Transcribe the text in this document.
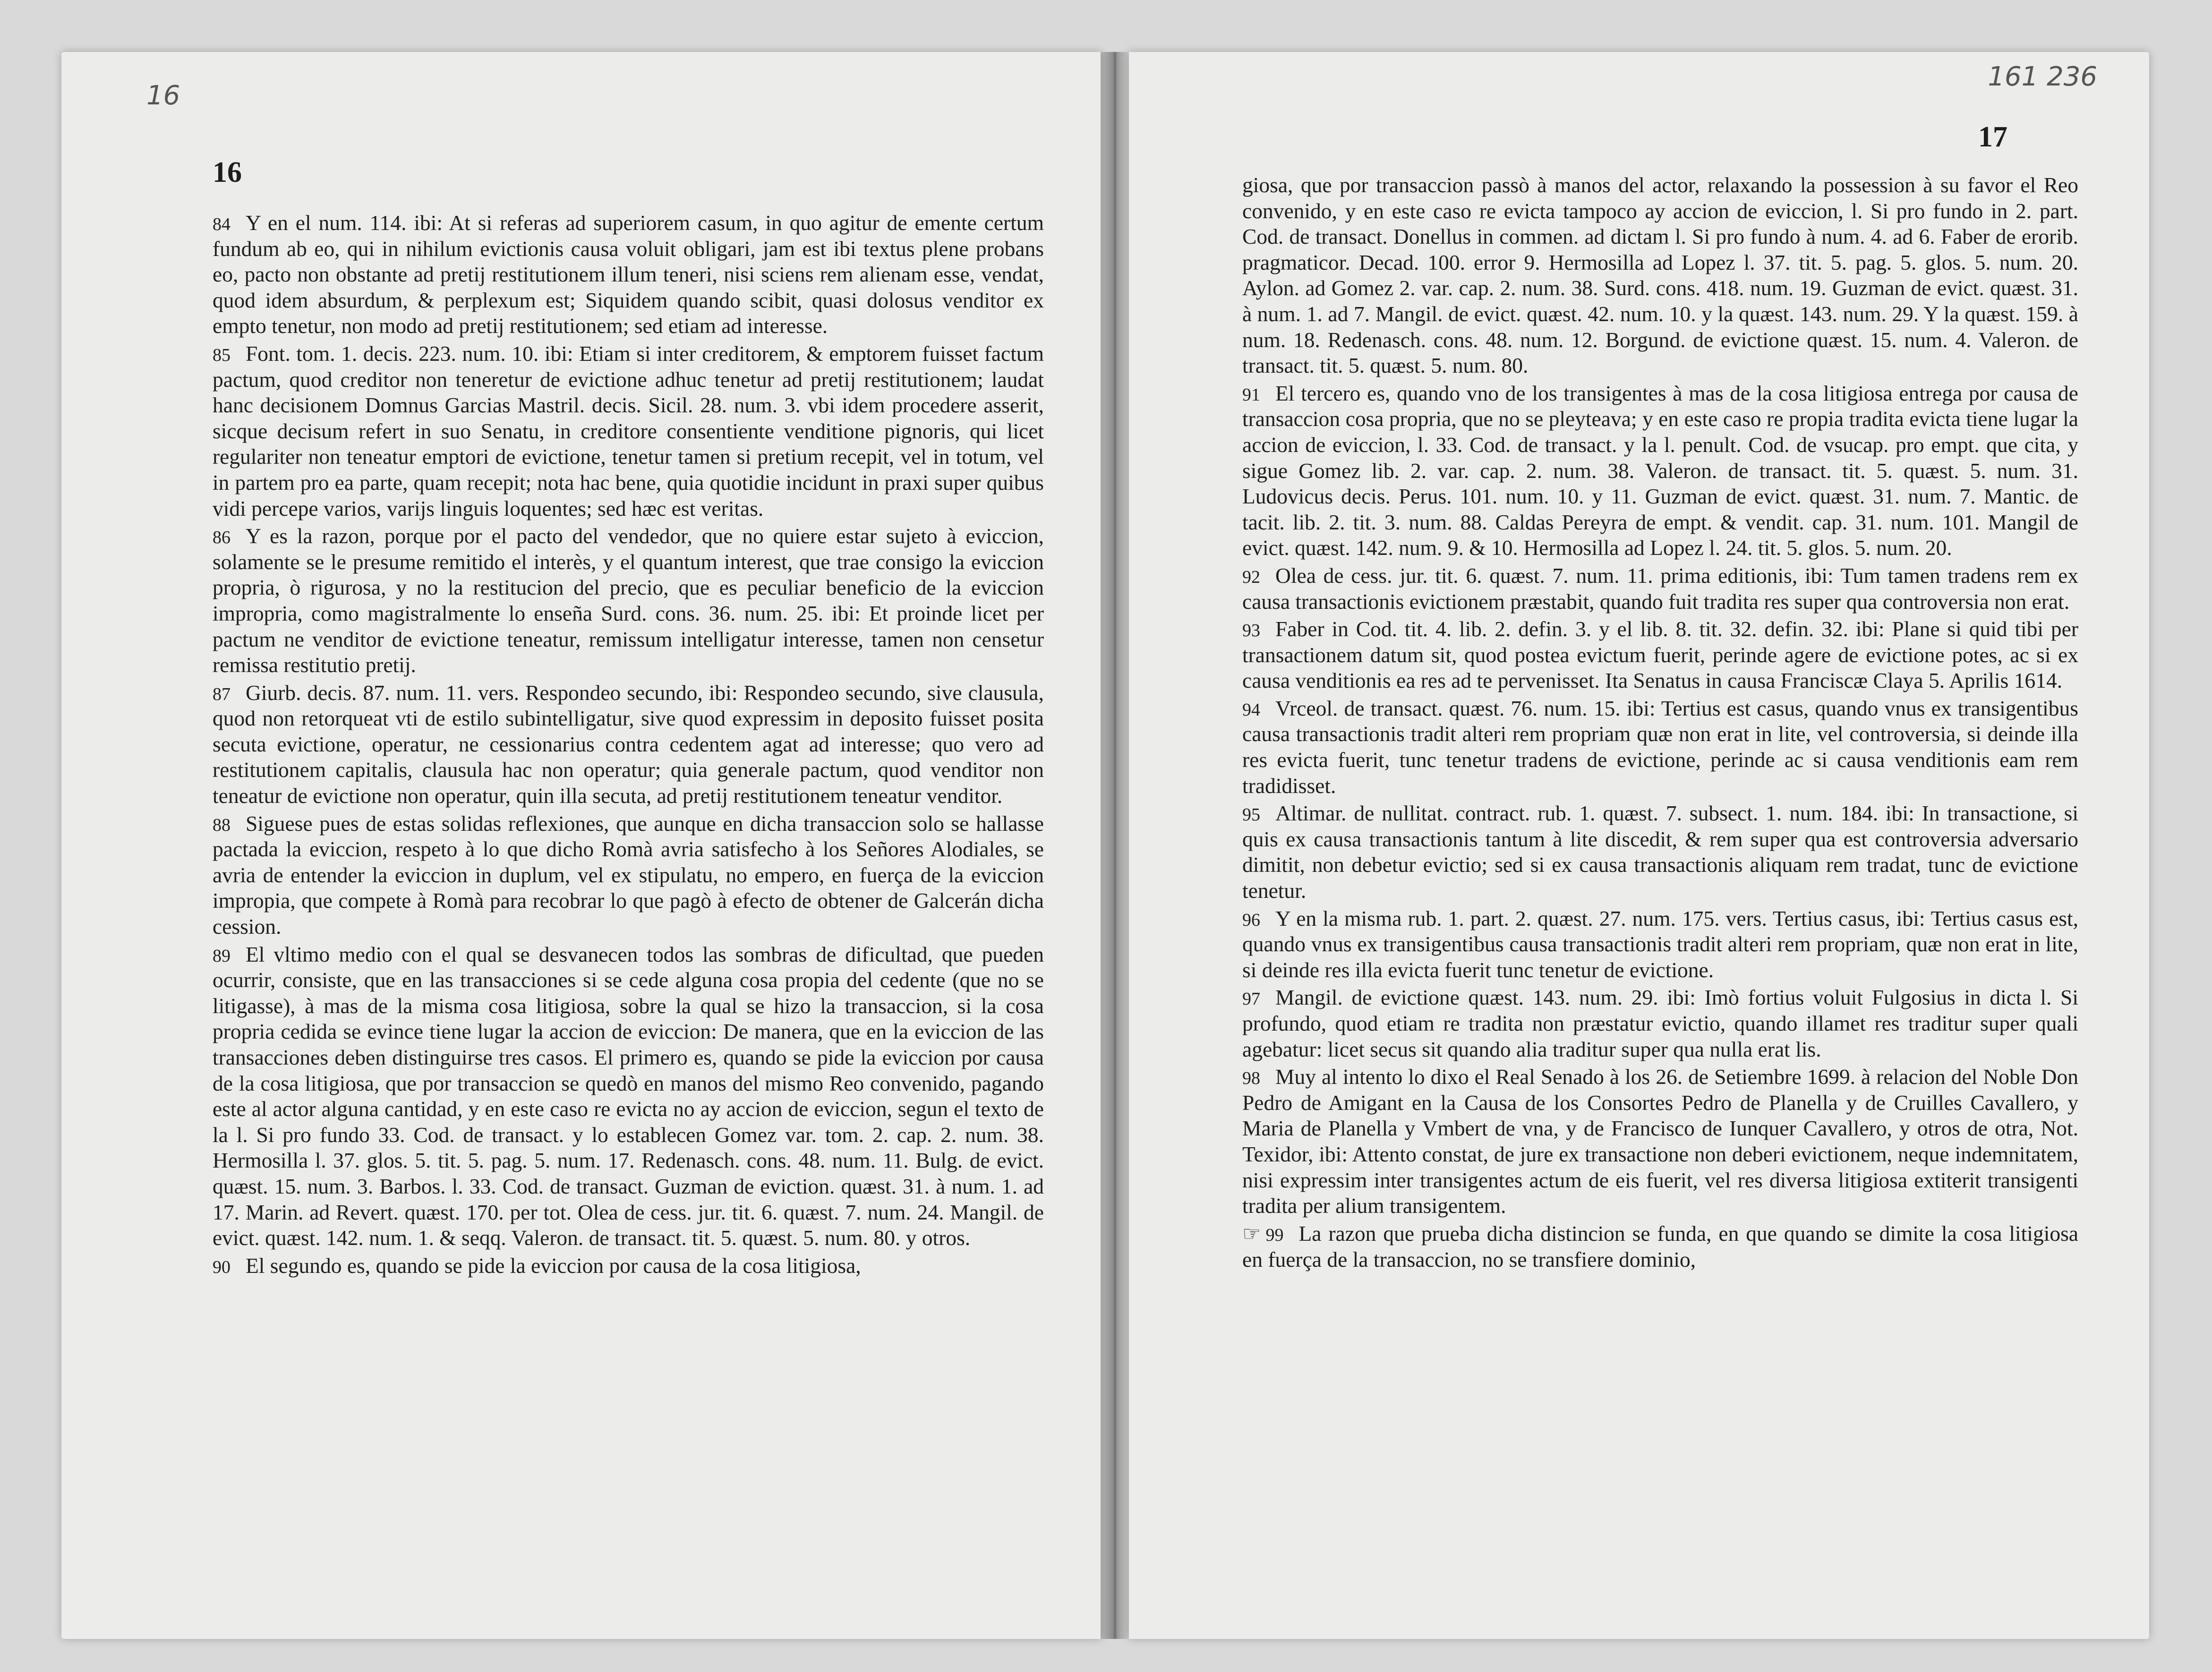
16
16

84 Y en el num. 114. ibi: At si referas ad superiorem casum, in quo agitur de emente certum fundum ab eo, qui in nihilum evictionis causa voluit obligari, jam est ibi textus plene probans eo, pacto non obstante ad pretij restitutionem illum teneri, nisi sciens rem alienam esse, vendat, quod idem absurdum, & perplexum est; Siquidem quando scibit, quasi dolosus venditor ex empto tenetur, non modo ad pretij restitutionem; sed etiam ad interesse.

85 Font. tom. 1. decis. 223. num. 10. ibi: Etiam si inter creditorem, & emptorem fuisset factum pactum, quod creditor non teneretur de evictione adhuc tenetur ad pretij restitutionem; laudat hanc decisionem Domnus Garcias Mastril. decis. Sicil. 28. num. 3. vbi idem procedere asserit, sicque decisum refert in suo Senatu, in creditore consentiente venditione pignoris, qui licet regulariter non teneatur emptori de evictione, tenetur tamen si pretium recepit, vel in totum, vel in partem pro ea parte, quam recepit; nota hac bene, quia quotidie incidunt in praxi super quibus vidi percepe varios, varijs linguis loquentes; sed hæc est veritas.

86 Y es la razon, porque por el pacto del vendedor, que no quiere estar sujeto à eviccion, solamente se le presume remitido el interès, y el quantum interest, que trae consigo la eviccion propria, ò rigurosa, y no la restitucion del precio, que es peculiar beneficio de la eviccion impropria, como magistralmente lo enseña Surd. cons. 36. num. 25. ibi: Et proinde licet per pactum ne venditor de evictione teneatur, remissum intelligatur interesse, tamen non censetur remissa restitutio pretij.

87 Giurb. decis. 87. num. 11. vers. Respondeo secundo, ibi: Respondeo secundo, sive clausula, quod non retorqueat vti de estilo subintelligatur, sive quod expressim in deposito fuisset posita secuta evictione, operatur, ne cessionarius contra cedentem agat ad interesse; quo vero ad restitutionem capitalis, clausula hac non operatur; quia generale pactum, quod venditor non teneatur de evictione non operatur, quin illa secuta, ad pretij restitutionem teneatur venditor.

88 Siguese pues de estas solidas reflexiones, que aunque en dicha transaccion solo se hallasse pactada la eviccion, respeto à lo que dicho Romà avria satisfecho à los Señores Alodiales, se avria de entender la eviccion in duplum, vel ex stipulatu, no empero, en fuerça de la eviccion impropia, que compete à Romà para recobrar lo que pagò à efecto de obtener de Galcerán dicha cession.

89 El vltimo medio con el qual se desvanecen todos las sombras de dificultad, que pueden ocurrir, consiste, que en las transacciones si se cede alguna cosa propia del cedente (que no se litigasse), à mas de la misma cosa litigiosa, sobre la qual se hizo la transaccion, si la cosa propria cedida se evince tiene lugar la accion de eviccion: De manera, que en la eviccion de las transacciones deben distinguirse tres casos. El primero es, quando se pide la eviccion por causa de la cosa litigiosa, que por transaccion se quedò en manos del mismo Reo convenido, pagando este al actor alguna cantidad, y en este caso re evicta no ay accion de eviccion, segun el texto de la l. Si pro fundo 33. Cod. de transact. y lo establecen Gomez var. tom. 2. cap. 2. num. 38. Hermosilla l. 37. glos. 5. tit. 5. pag. 5. num. 17. Redenasch. cons. 48. num. 11. Bulg. de evict. quæst. 15. num. 3. Barbos. l. 33. Cod. de transact. Guzman de eviction. quæst. 31. à num. 1. ad 17. Marin. ad Revert. quæst. 170. per tot. Olea de cess. jur. tit. 6. quæst. 7. num. 24. Mangil. de evict. quæst. 142. num. 1. & seqq. Valeron. de transact. tit. 5. quæst. 5. num. 80. y otros.

90 El segundo es, quando se pide la eviccion por causa de la cosa litigiosa,

161 236
17

giosa, que por transaccion passò à manos del actor, relaxando la possession à su favor el Reo convenido, y en este caso re evicta tampoco ay accion de eviccion, l. Si pro fundo in 2. part. Cod. de transact. Donellus in commen. ad dictam l. Si pro fundo à num. 4. ad 6. Faber de erorib. pragmaticor. Decad. 100. error 9. Hermosilla ad Lopez l. 37. tit. 5. pag. 5. glos. 5. num. 20. Aylon. ad Gomez 2. var. cap. 2. num. 38. Surd. cons. 418. num. 19. Guzman de evict. quæst. 31. à num. 1. ad 7. Mangil. de evict. quæst. 42. num. 10. y la quæst. 143. num. 29. Y la quæst. 159. à num. 18. Redenasch. cons. 48. num. 12. Borgund. de evictione quæst. 15. num. 4. Valeron. de transact. tit. 5. quæst. 5. num. 80.

91 El tercero es, quando vno de los transigentes à mas de la cosa litigiosa entrega por causa de transaccion cosa propria, que no se pleyteava; y en este caso re propia tradita evicta tiene lugar la accion de eviccion, l. 33. Cod. de transact. y la l. penult. Cod. de vsucap. pro empt. que cita, y sigue Gomez lib. 2. var. cap. 2. num. 38. Valeron. de transact. tit. 5. quæst. 5. num. 31. Ludovicus decis. Perus. 101. num. 10. y 11. Guzman de evict. quæst. 31. num. 7. Mantic. de tacit. lib. 2. tit. 3. num. 88. Caldas Pereyra de empt. & vendit. cap. 31. num. 101. Mangil de evict. quæst. 142. num. 9. & 10. Hermosilla ad Lopez l. 24. tit. 5. glos. 5. num. 20.

92 Olea de cess. jur. tit. 6. quæst. 7. num. 11. prima editionis, ibi: Tum tamen tradens rem ex causa transactionis evictionem præstabit, quando fuit tradita res super qua controversia non erat.

93 Faber in Cod. tit. 4. lib. 2. defin. 3. y el lib. 8. tit. 32. defin. 32. ibi: Plane si quid tibi per transactionem datum sit, quod postea evictum fuerit, perinde agere de evictione potes, ac si ex causa venditionis ea res ad te pervenisset. Ita Senatus in causa Franciscæ Claya 5. Aprilis 1614.

94 Vrceol. de transact. quæst. 76. num. 15. ibi: Tertius est casus, quando vnus ex transigentibus causa transactionis tradit alteri rem propriam quæ non erat in lite, vel controversia, si deinde illa res evicta fuerit, tunc tenetur tradens de evictione, perinde ac si causa venditionis eam rem tradidisset.

95 Altimar. de nullitat. contract. rub. 1. quæst. 7. subsect. 1. num. 184. ibi: In transactione, si quis ex causa transactionis tantum à lite discedit, & rem super qua est controversia adversario dimitit, non debetur evictio; sed si ex causa transactionis aliquam rem tradat, tunc de evictione tenetur.

96 Y en la misma rub. 1. part. 2. quæst. 27. num. 175. vers. Tertius casus, ibi: Tertius casus est, quando vnus ex transigentibus causa transactionis tradit alteri rem propriam, quæ non erat in lite, si deinde res illa evicta fuerit tunc tenetur de evictione.

97 Mangil. de evictione quæst. 143. num. 29. ibi: Imò fortius voluit Fulgosius in dicta l. Si profundo, quod etiam re tradita non præstatur evictio, quando illamet res traditur super quali agebatur: licet secus sit quando alia traditur super qua nulla erat lis.

98 Muy al intento lo dixo el Real Senado à los 26. de Setiembre 1699. à relacion del Noble Don Pedro de Amigant en la Causa de los Consortes Pedro de Planella y de Cruilles Cavallero, y Maria de Planella y Vmbert de vna, y de Francisco de Iunquer Cavallero, y otros de otra, Not. Texidor, ibi: Attento constat, de jure ex transactione non deberi evictionem, neque indemnitatem, nisi expressim inter transigentes actum de eis fuerit, vel res diversa litigiosa extiterit transigenti tradita per alium transigentem.

☞ 99 La razon que prueba dicha distincion se funda, en que quando se dimite la cosa litigiosa en fuerça de la transaccion, no se transfiere dominio,
